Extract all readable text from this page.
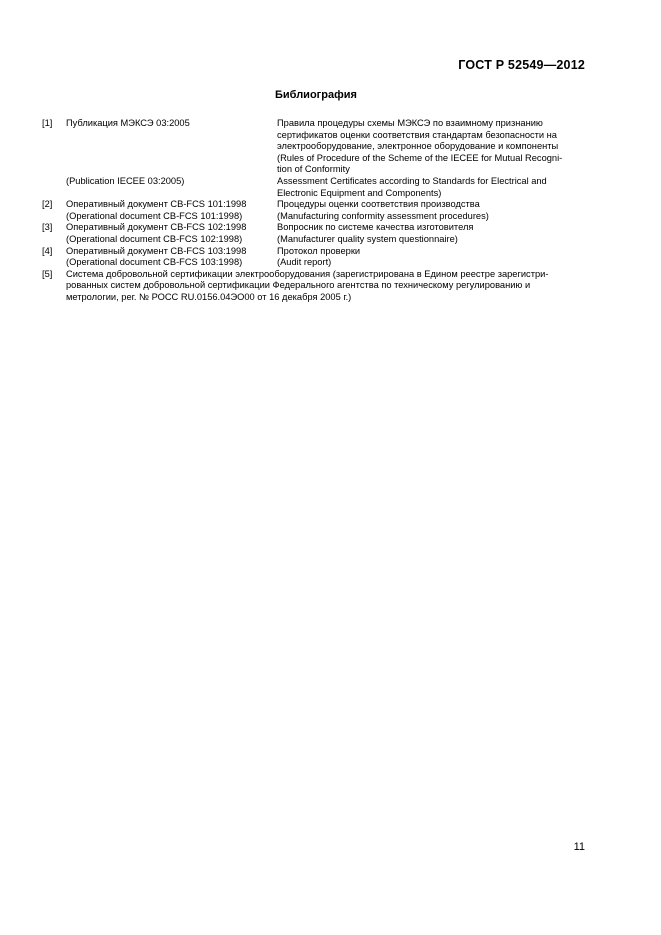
ГОСТ Р 52549—2012
Библиография
[1]	Публикация МЭКСЭ 03:2005	Правила процедуры схемы МЭКСЭ по взаимному признанию
сертификатов оценки соответствия стандартам безопасности на
электрооборудование, электронное оборудование и компоненты
(Rules of Procedure of the Scheme of the IECEE for Mutual Recogni-
tion of Conformity
(Publication IECEE 03:2005)	Assessment Certificates according to Standards for Electrical and
Electronic Equipment and Components)
[2]	Оперативный документ CB-FCS 101:1998	Процедуры оценки соответствия производства
(Operational document CB-FCS 101:1998)	(Manufacturing conformity assessment procedures)
[3]	Оперативный документ CB-FCS 102:1998	Вопросник по системе качества изготовителя
(Operational document CB-FCS 102:1998)	(Manufacturer quality system questionnaire)
[4]	Оперативный документ CB-FCS 103:1998	Протокол проверки
(Operational document CB-FCS 103:1998)	(Audit report)
[5]	Система добровольной сертификации электрооборудования (зарегистрирована в Едином реестре зарегистри-
рованных систем добровольной сертификации Федерального агентства по техническому регулированию и
метрологии, рег. № РОСС RU.0156.04ЭО00 от 16 декабря 2005 г.)
11
